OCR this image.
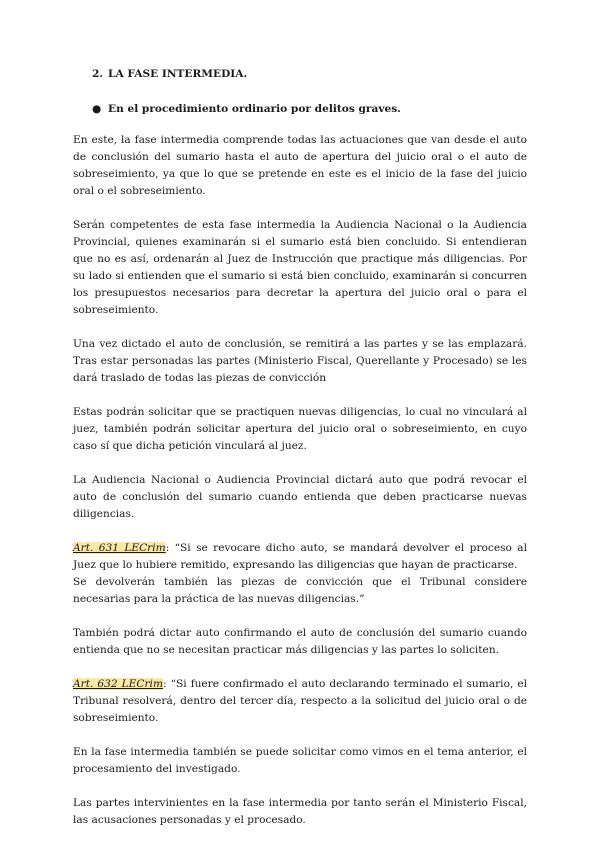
2. LA FASE INTERMEDIA.
● En el procedimiento ordinario por delitos graves.

En este, la fase intermedia comprende todas las actuaciones que van desde el auto de conclusión del sumario hasta el auto de apertura del juicio oral o el auto de sobreseimiento, ya que lo que se pretende en este es el inicio de la fase del juicio oral o el sobreseimiento.

Serán competentes de esta fase intermedia la Audiencia Nacional o la Audiencia Provincial, quienes examinarán si el sumario está bien concluido. Si entendieran que no es así, ordenarán al Juez de Instrucción que practique más diligencias. Por su lado si entienden que el sumario si está bien concluido, examinarán si concurren los presupuestos necesarios para decretar la apertura del juicio oral o para el sobreseimiento.

Una vez dictado el auto de conclusión, se remitirá a las partes y se las emplazará. Tras estar personadas las partes (Ministerio Fiscal, Querellante y Procesado) se les dará traslado de todas las piezas de convicción

Estas podrán solicitar que se practiquen nuevas diligencias, lo cual no vinculará al juez, también podrán solicitar apertura del juicio oral o sobreseimiento, en cuyo caso sí que dicha petición vinculará al juez.

La Audiencia Nacional o Audiencia Provincial dictará auto que podrá revocar el auto de conclusión del sumario cuando entienda que deben practicarse nuevas diligencias.

Art. 631 LECrim: “Si se revocare dicho auto, se mandará devolver el proceso al Juez que lo hubiere remitido, expresando las diligencias que hayan de practicarse.

Se devolverán también las piezas de convicción que el Tribunal considere necesarias para la práctica de las nuevas diligencias.”

También podrá dictar auto confirmando el auto de conclusión del sumario cuando entienda que no se necesitan practicar más diligencias y las partes lo soliciten.

Art. 632 LECrim: “Si fuere confirmado el auto declarando terminado el sumario, el Tribunal resolverá, dentro del tercer día, respecto a la solicitud del juicio oral o de sobreseimiento.

En la fase intermedia también se puede solicitar como vimos en el tema anterior, el procesamiento del investigado.

Las partes intervinientes en la fase intermedia por tanto serán el Ministerio Fiscal, las acusaciones personadas y el procesado.
